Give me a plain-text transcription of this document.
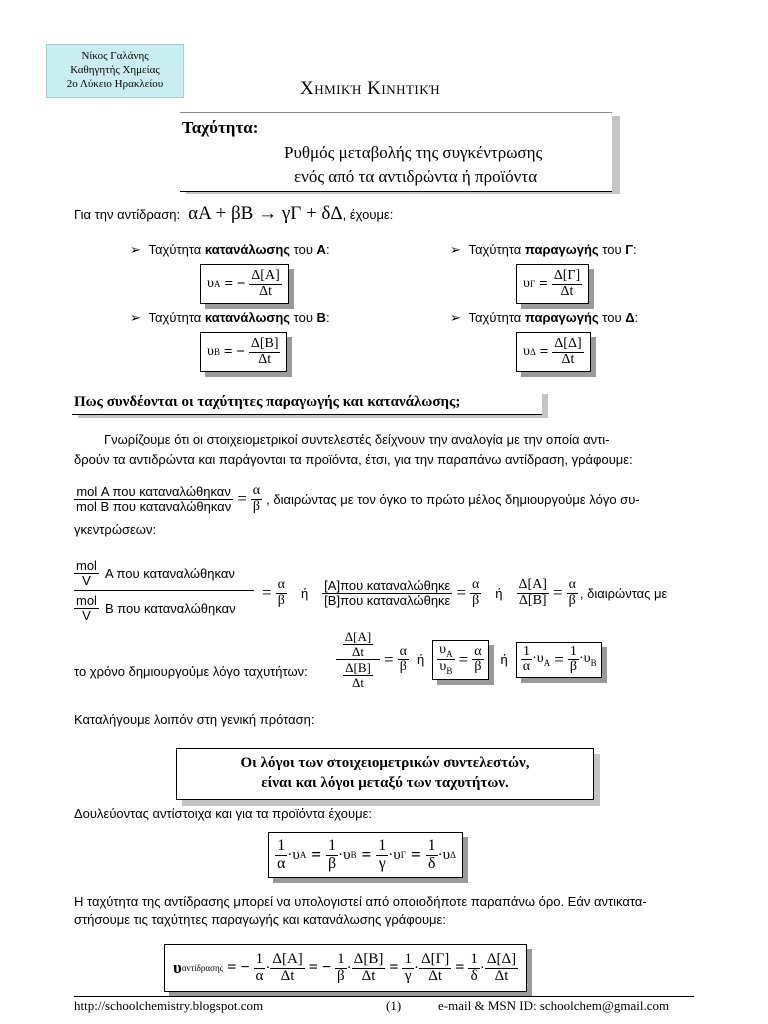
Νίκος Γαλάνης
Καθηγητής Χημείας
2ο Λύκειο Ηρακλείου	Χημική Κινητική
Ταχύτητα:
Ρυθμός μεταβολής της συγκέντρωσης
ενός από τα αντιδρώντα ή προϊόντα
Για την αντίδραση: αΑ + βΒ → γΓ + δΔ, έχουμε:
➢ Ταχύτητα κατανάλωσης του Α:
υ Α = − $\frac{\Delta[A]}{\Delta t}$
➢ Ταχύτητα παραγωγής του Γ:
υ $\Gamma = \frac{\Delta[\Gamma]}{\Delta t}$
➢ Ταχύτητα κατανάλωσης του Β:
υ Β = − $\frac{\Delta[B]}{\Delta t}$
➢ Ταχύτητα παραγωγής του Δ:
υ $\Delta = \frac{\Delta[\Delta]}{\Delta t}$
Πως συνδέονται οι ταχύτητες παραγωγής και κατανάλωσης;
Γνωρίζουμε ότι οι στοιχειομετρικοί συντελεστές δείχνουν την αναλογία με την οποία αντι-
δρούν τα αντιδρώντα και παράγονται τα προϊόντα, έτσι, για την παραπάνω αντίδραση, γράφουμε:
$\frac{\text{mol Α που καταναλώθηκαν}}{\text{mol Β που καταναλώθηκαν}} = \frac{\alpha}{\beta}$ , διαιρώντας με τον όγκο το πρώτο μέλος δημιουργούμε λόγο συ-
γκεντρώσεων:
$\frac{\text{mol}}{V}$ Α που καταναλώθηκαν
$\frac{\text{mol}}{V}$ Β που καταναλώθηκαν
= $\frac{\alpha}{\beta}$ ή $\frac{\text{[Α]που καταναλώθηκε}}{\text{[Β]που καταναλώθηκε}} = \frac{\alpha}{\beta}$ ή $\frac{\Delta[A]}{\Delta[B]} = \frac{\alpha}{\beta}$ , διαιρώντας με
το χρόνο δημιουργούμε λόγο ταχυτήτων:
$\frac{\Delta[A]}{\Delta t}$
$\frac{\Delta[B]}{\Delta t}$
= $\frac{\alpha}{\beta}$ ή $\frac{\upsilon_A}{\upsilon_B} = \frac{\alpha}{\beta}$ ή $\frac{1}{\alpha} \cdot\upsilon_A = \frac{1}{\beta} \cdot\upsilon_B$
Καταλήγουμε λοιπόν στη γενική πρόταση:
Οι λόγοι των στοιχειομετρικών συντελεστών,
είναι και λόγοι μεταξύ των ταχυτήτων.
Δουλεύοντας αντίστοιχα και για τα προϊόντα έχουμε:
$\frac{1}{\alpha} \cdot \upsilon$ $A = \frac{1}{\beta} \cdot \upsilon$ $B = \frac{1}{\gamma} \cdot \upsilon$ $\Gamma = \frac{1}{\delta} \cdot \upsilon$ Δ
Η ταχύτητα της αντίδρασης μπορεί να υπολογιστεί από οποιοδήποτε παραπάνω όρο. Εάν αντικατα-
στήσουμε τις ταχύτητες παραγωγής και κατανάλωσης γράφουμε:
υ αντίδρασης = − $\frac{1}{\alpha} \cdot \frac{\Delta[A]}{\Delta t}$ = − $\frac{1}{\beta} \cdot \frac{\Delta[B]}{\Delta t} = \frac{1}{\gamma} \cdot \frac{\Delta[\Gamma]}{\Delta t} = \frac{1}{\delta} \cdot \frac{\Delta[\Delta]}{\Delta t}$
http://schoolchemistry.blogspot.com	(1)	e-mail & MSN ID: schoolchem@gmail.com
